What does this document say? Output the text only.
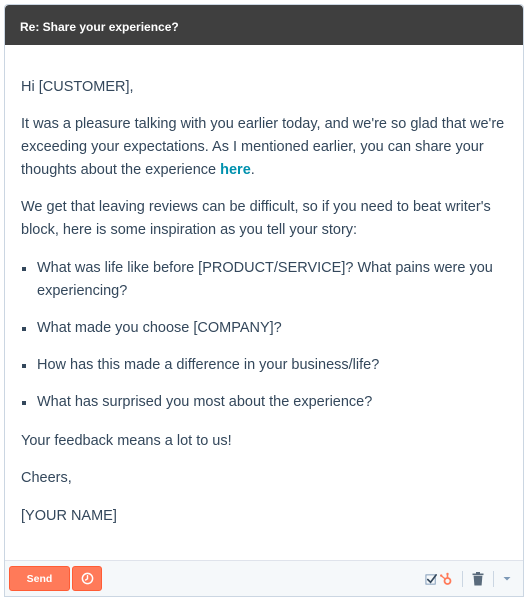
Re: Share your experience?

Hi [CUSTOMER],

It was a pleasure talking with you earlier today, and we're so glad that we're exceeding your expectations. As I mentioned earlier, you can share your thoughts about the experience here.

We get that leaving reviews can be difficult, so if you need to beat writer's block, here is some inspiration as you tell your story:

What was life like before [PRODUCT/SERVICE]? What pains were you experiencing?
What made you choose [COMPANY]?
How has this made a difference in your business/life?
What has surprised you most about the experience?

Your feedback means a lot to us!

Cheers,

[YOUR NAME]

Send
